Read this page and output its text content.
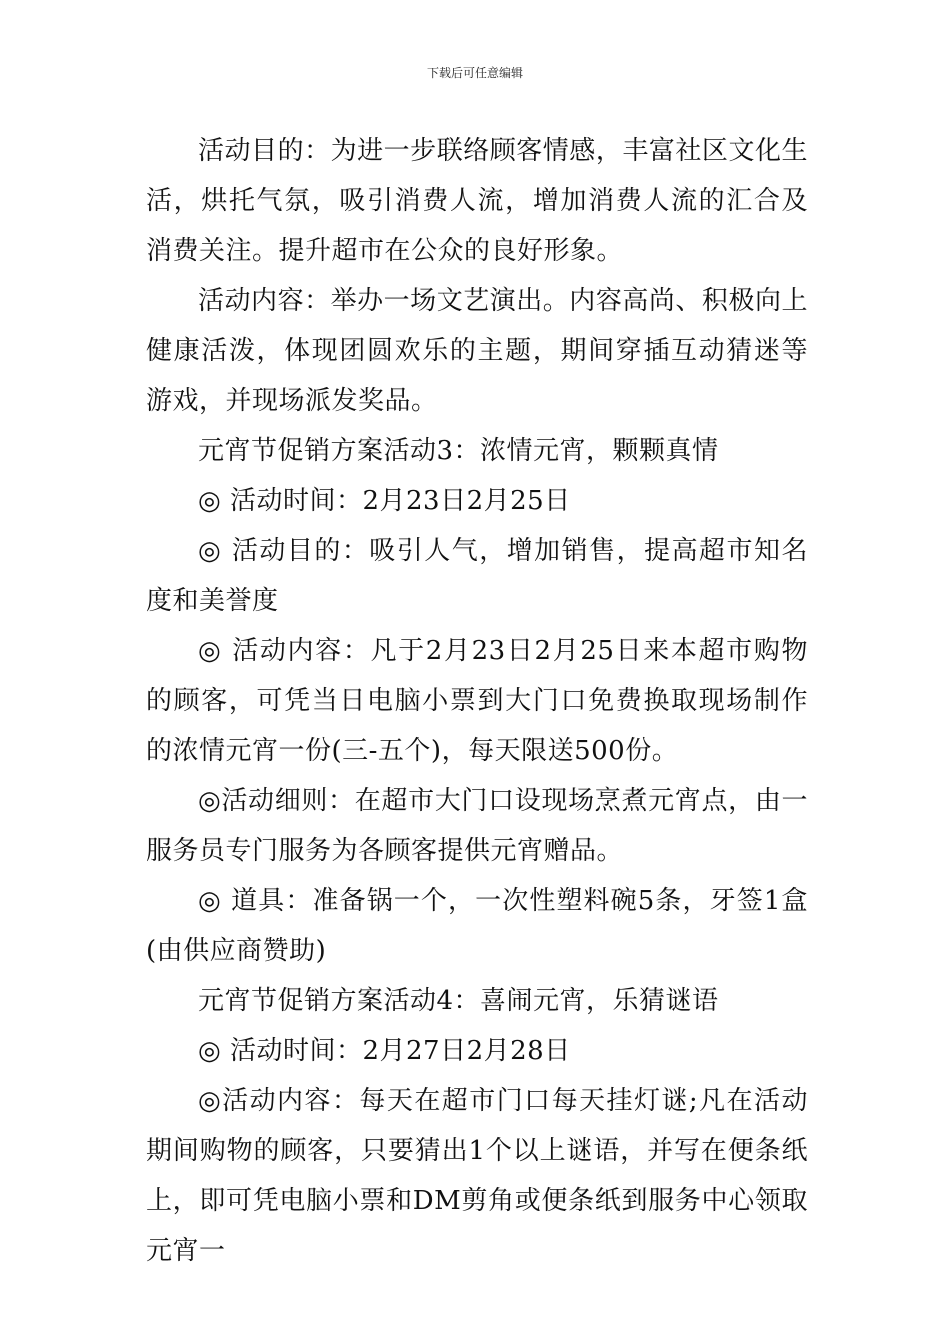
下载后可任意编辑

活动目的：为进一步联络顾客情感，丰富社区文化生活，烘托气氛，吸引消费人流，增加消费人流的汇合及消费关注。提升超市在公众的良好形象。

活动内容：举办一场文艺演出。内容高尚、积极向上健康活泼，体现团圆欢乐的主题，期间穿插互动猜迷等游戏，并现场派发奖品。

元宵节促销方案活动3：浓情元宵，颗颗真情

◎ 活动时间：2月23日2月25日

◎ 活动目的：吸引人气，增加销售，提高超市知名度和美誉度

◎ 活动内容：凡于2月23日2月25日来本超市购物的顾客，可凭当日电脑小票到大门口免费换取现场制作的浓情元宵一份(三-五个)，每天限送500份。

◎活动细则：在超市大门口设现场烹煮元宵点，由一服务员专门服务为各顾客提供元宵赠品。

◎ 道具：准备锅一个，一次性塑料碗5条，牙签1盒(由供应商赞助)

元宵节促销方案活动4：喜闹元宵，乐猜谜语

◎ 活动时间：2月27日2月28日

◎活动内容：每天在超市门口每天挂灯谜;凡在活动期间购物的顾客，只要猜出1个以上谜语，并写在便条纸上，即可凭电脑小票和DM剪角或便条纸到服务中心领取元宵一
